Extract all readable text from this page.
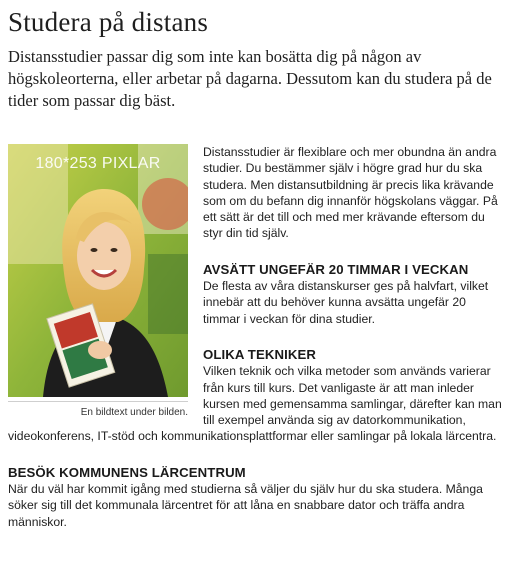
Studera på distans

Distansstudier passar dig som inte kan bosätta dig på någon av högskoleorterna, eller arbetar på dagarna. Dessutom kan du studera på de tider som passar dig bäst.

180*253 PIXLAR
En bildtext under bilden.

Distansstudier är flexiblare och mer obundna än andra studier. Du bestämmer själv i högre grad hur du ska studera. Men distansutbildning är precis lika krävande som om du befann dig innanför högskolans väggar. På ett sätt är det till och med mer krävande eftersom du styr din tid själv.

AVSÄTT UNGEFÄR 20 TIMMAR I VECKAN

De flesta av våra distanskurser ges på halvfart, vilket innebär att du behöver kunna avsätta ungefär 20 timmar i veckan för dina studier.

OLIKA TEKNIKER

Vilken teknik och vilka metoder som används varierar från kurs till kurs. Det vanligaste är att man inleder kursen med gemensamma samlingar, därefter kan man till exempel använda sig av datorkommunikation, videokonferens, IT-stöd och kommunikationsplattformar eller samlingar på lokala lärcentra.

BESÖK KOMMUNENS LÄRCENTRUM

När du väl har kommit igång med studierna så väljer du själv hur du ska studera. Många söker sig till det kommunala lärcentret för att låna en snabbare dator och träffa andra människor.
